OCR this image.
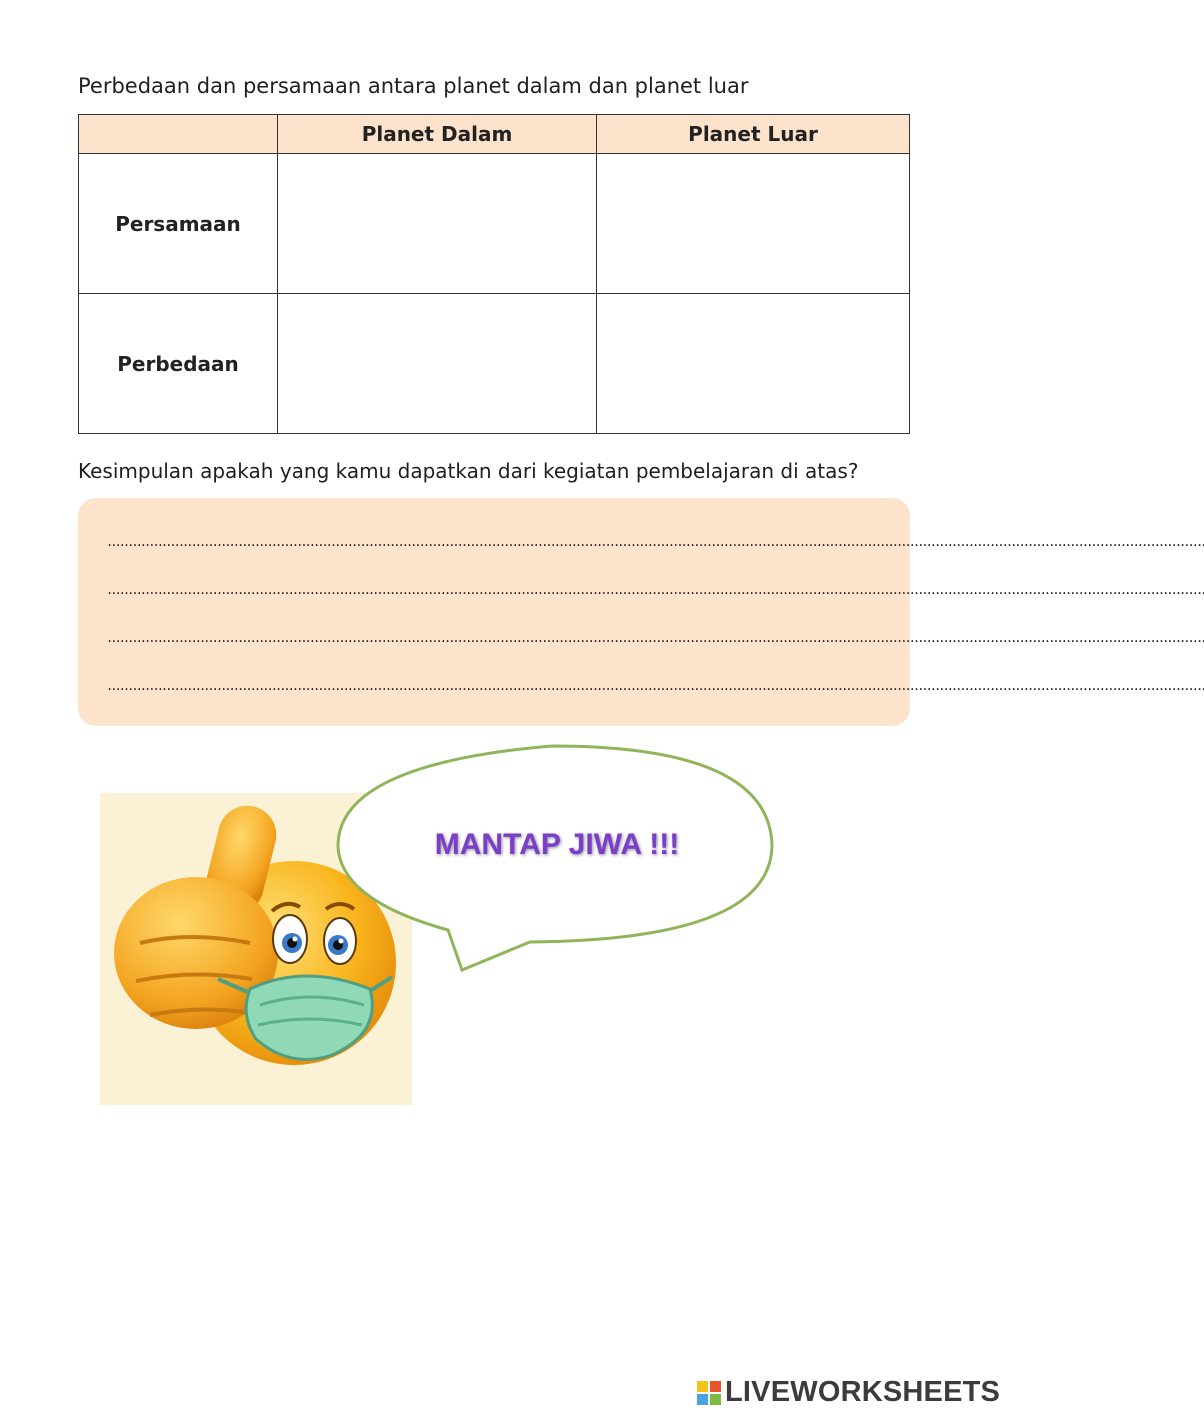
Perbedaan dan persamaan antara planet dalam dan planet luar
	Planet Dalam	Planet Luar
Persamaan		
Perbedaan		
Kesimpulan apakah yang kamu dapatkan dari kegiatan pembelajaran di atas?
....................................................................................................................................................................................................................................................................
....................................................................................................................................................................................................................................................................
....................................................................................................................................................................................................................................................................
....................................................................................................................................................................................................................................................................
MANTAP JIWA !!!
LIVEWORKSHEETS
